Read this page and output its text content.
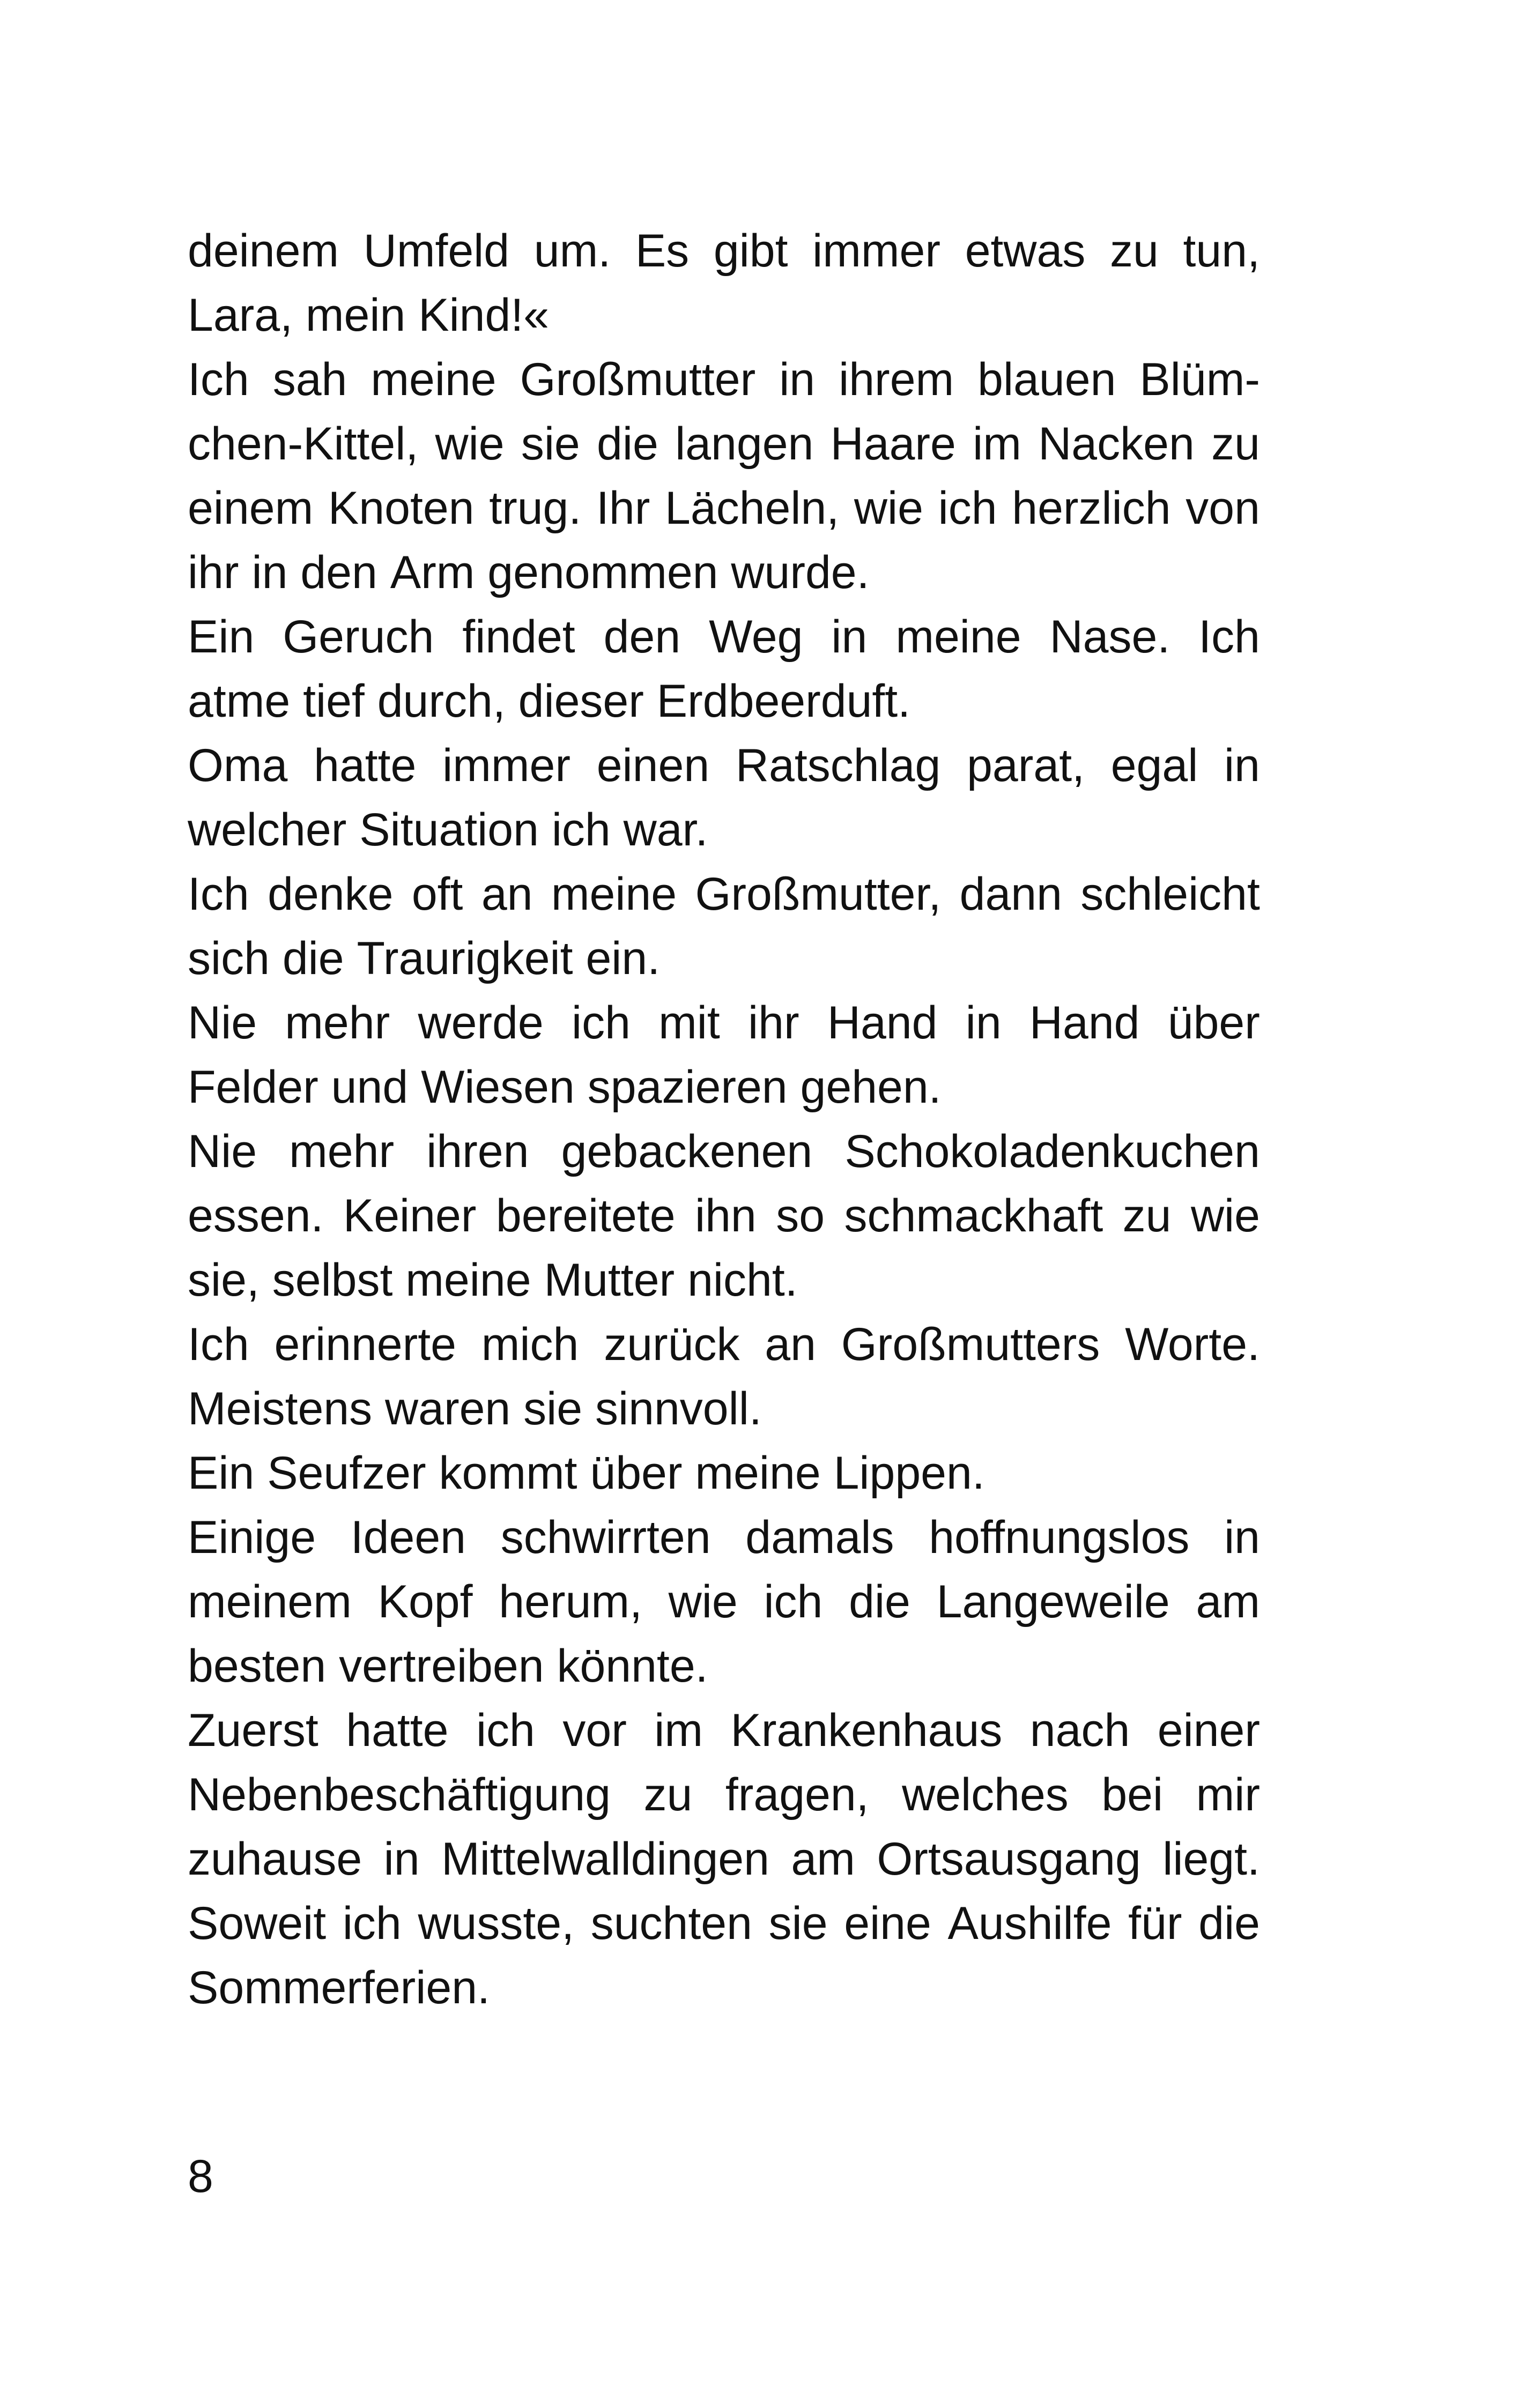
deinem Umfeld um. Es gibt immer etwas zu tun,
Lara, mein Kind!«
Ich sah meine Großmutter in ihrem blauen Blüm-
chen-Kittel, wie sie die langen Haare im Nacken zu
einem Knoten trug. Ihr Lächeln, wie ich herzlich von
ihr in den Arm genommen wurde.
Ein Geruch findet den Weg in meine Nase. Ich
atme tief durch, dieser Erdbeerduft.
Oma hatte immer einen Ratschlag parat, egal in
welcher Situation ich war.
Ich denke oft an meine Großmutter, dann schleicht
sich die Traurigkeit ein.
Nie mehr werde ich mit ihr Hand in Hand über
Felder und Wiesen spazieren gehen.
Nie mehr ihren gebackenen Schokoladenkuchen
essen. Keiner bereitete ihn so schmackhaft zu wie
sie, selbst meine Mutter nicht.
Ich erinnerte mich zurück an Großmutters Worte.
Meistens waren sie sinnvoll.
Ein Seufzer kommt über meine Lippen.
Einige Ideen schwirrten damals hoffnungslos in
meinem Kopf herum, wie ich die Langeweile am
besten vertreiben könnte.
Zuerst hatte ich vor im Krankenhaus nach einer
Nebenbeschäftigung zu fragen, welches bei mir
zuhause in Mittelwalldingen am Ortsausgang liegt.
Soweit ich wusste, suchten sie eine Aushilfe für die
Sommerferien.
8
